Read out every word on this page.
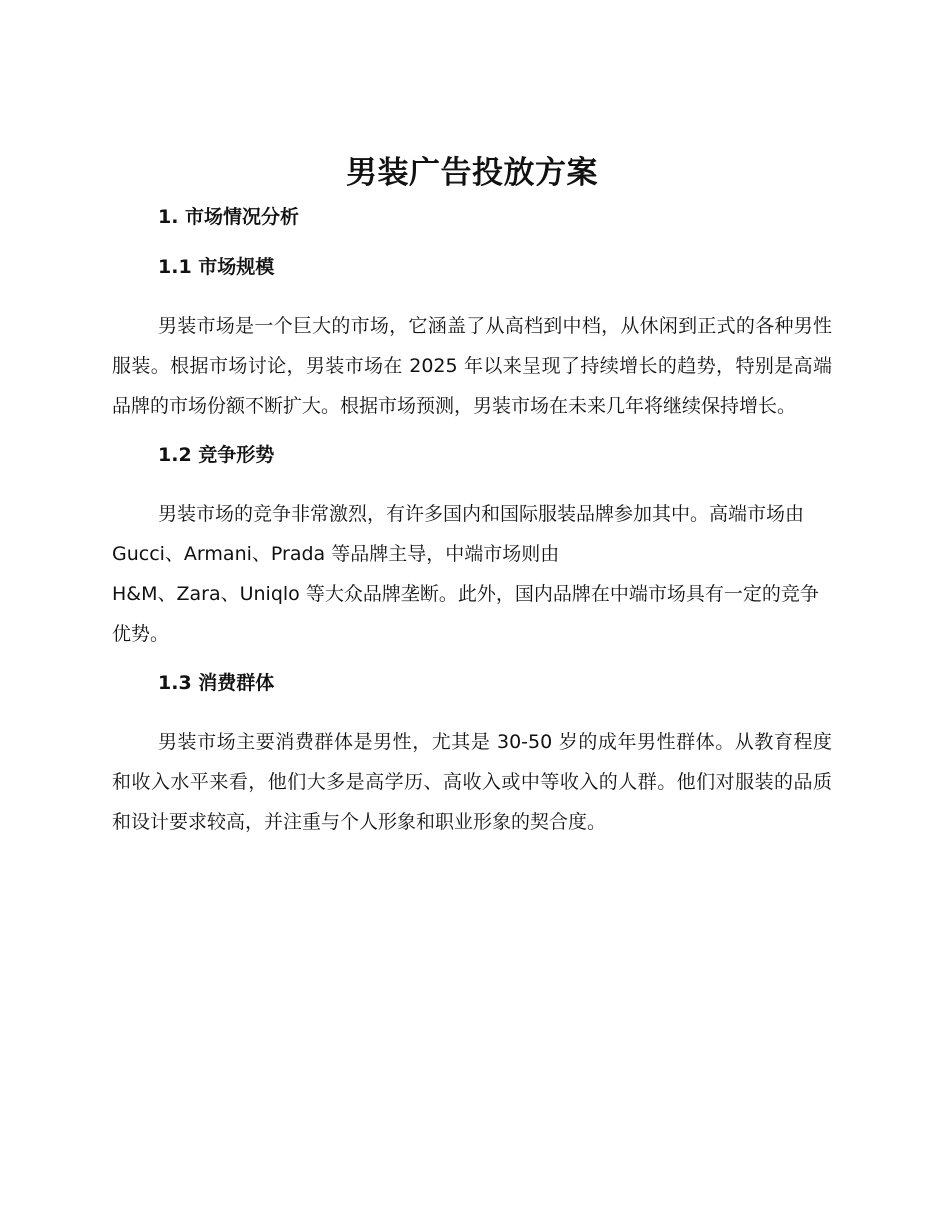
男装广告投放方案
1. 市场情况分析
1.1 市场规模

男装市场是一个巨大的市场，它涵盖了从高档到中档，从休闲到正式的各种男性服装。根据市场讨论，男装市场在 2025 年以来呈现了持续增长的趋势，特别是高端品牌的市场份额不断扩大。根据市场预测，男装市场在未来几年将继续保持增长。

1.2 竞争形势

男装市场的竞争非常激烈，有许多国内和国际服装品牌参加其中。高端市场由 Gucci、Armani、Prada 等品牌主导，中端市场则由
H&M、Zara、Uniqlo 等大众品牌垄断。此外，国内品牌在中端市场具有一定的竞争优势。

1.3 消费群体

男装市场主要消费群体是男性，尤其是 30-50 岁的成年男性群体。从教育程度和收入水平来看，他们大多是高学历、高收入或中等收入的人群。他们对服装的品质和设计要求较高，并注重与个人形象和职业形象的契合度。
